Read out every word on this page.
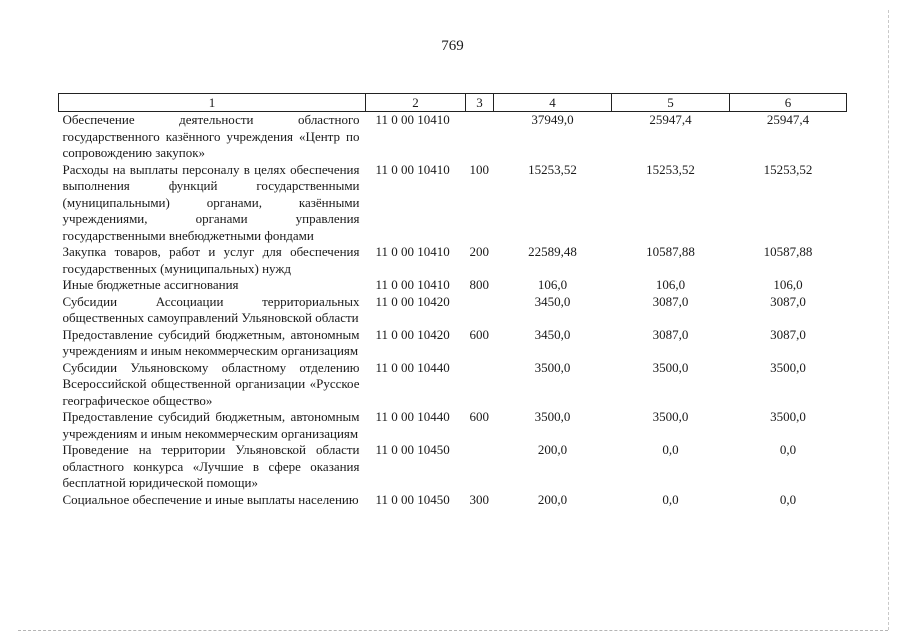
769
1	2	3	4	5	6
Обеспечение деятельности областного государственного казённого учреждения «Центр по сопровождению закупок»	11 0 00 10410		37949,0	25947,4	25947,4
Расходы на выплаты персоналу в целях обеспечения выполнения функций государственными (муниципальными) органами, казёнными учреждениями, органами управления государственными внебюджетными фондами	11 0 00 10410	100	15253,52	15253,52	15253,52
Закупка товаров, работ и услуг для обеспечения государственных (муниципальных) нужд	11 0 00 10410	200	22589,48	10587,88	10587,88
Иные бюджетные ассигнования	11 0 00 10410	800	106,0	106,0	106,0
Субсидии Ассоциации территориальных общественных самоуправлений Ульяновской области	11 0 00 10420		3450,0	3087,0	3087,0
Предоставление субсидий бюджетным, автономным учреждениям и иным некоммерческим организациям	11 0 00 10420	600	3450,0	3087,0	3087,0
Субсидии Ульяновскому областному отделению Всероссийской общественной организации «Русское географическое общество»	11 0 00 10440		3500,0	3500,0	3500,0
Предоставление субсидий бюджетным, автономным учреждениям и иным некоммерческим организациям	11 0 00 10440	600	3500,0	3500,0	3500,0
Проведение на территории Ульяновской области областного конкурса «Лучшие в сфере оказания бесплатной юридической помощи»	11 0 00 10450		200,0	0,0	0,0
Социальное обеспечение и иные выплаты населению	11 0 00 10450	300	200,0	0,0	0,0
